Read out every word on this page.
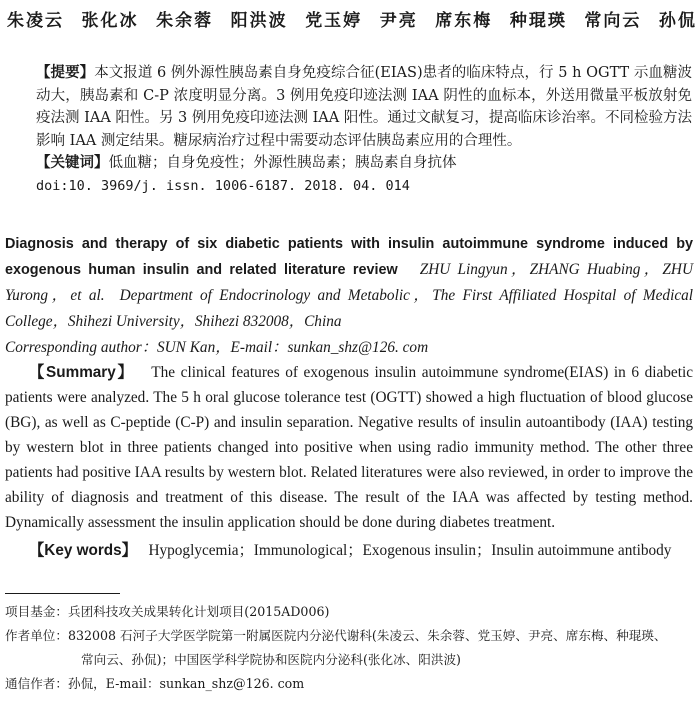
朱凌云 张化冰 朱余蓉 阳洪波 党玉婷 尹亮 席东梅 种琨瑛 常向云 孙侃

【提要】本文报道 6 例外源性胰岛素自身免疫综合征(EIAS)患者的临床特点，行 5 h OGTT 示血糖波动大，胰岛素和 C-P 浓度明显分离。3 例用免疫印迹法测 IAA 阴性的血标本，外送用微量平板放射免疫法测 IAA 阳性。另 3 例用免疫印迹法测 IAA 阳性。通过文献复习，提高临床诊治率。不同检验方法影响 IAA 测定结果。糖尿病治疗过程中需要动态评估胰岛素应用的合理性。

【关键词】低血糖；自身免疫性；外源性胰岛素；胰岛素自身抗体

doi:10. 3969/j. issn. 1006-6187. 2018. 04. 014

Diagnosis and therapy of six diabetic patients with insulin autoimmune syndrome induced by exogenous human insulin and related literature review ZHU Lingyun，ZHANG Huabing，ZHU Yurong，et al. Department of Endocrinology and Metabolic，The First Affiliated Hospital of Medical College，Shihezi University，Shihezi 832008，China

Corresponding author：SUN Kan，E-mail：sunkan_shz@126. com

【Summary】 The clinical features of exogenous insulin autoimmune syndrome(EIAS) in 6 diabetic patients were analyzed. The 5 h oral glucose tolerance test (OGTT) showed a high fluctuation of blood glucose (BG), as well as C-peptide (C-P) and insulin separation. Negative results of insulin autoantibody (IAA) testing by western blot in three patients changed into positive when using radio immunity method. The other three patients had positive IAA results by western blot. Related literatures were also reviewed, in order to improve the ability of diagnosis and treatment of this disease. The result of the IAA was affected by testing method. Dynamically assessment the insulin application should be done during diabetes treatment.

【Key words】 Hypoglycemia；Immunological；Exogenous insulin；Insulin autoimmune antibody

项目基金：兵团科技攻关成果转化计划项目(2015AD006)

作者单位：832008 石河子大学医学院第一附属医院内分泌代谢科(朱凌云、朱余蓉、党玉婷、尹亮、席东梅、种琨瑛、

常向云、孙侃)；中国医学科学院协和医院内分泌科(张化冰、阳洪波)

通信作者：孙侃，E-mail：sunkan_shz@126. com
